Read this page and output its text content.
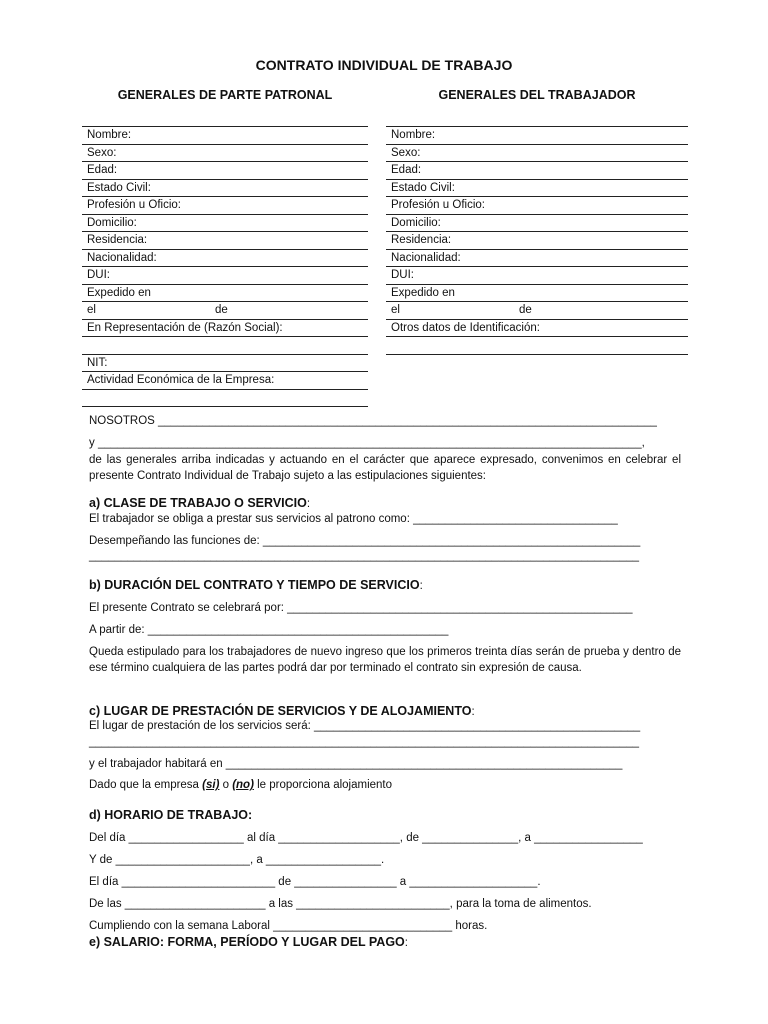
CONTRATO INDIVIDUAL DE TRABAJO
GENERALES DE PARTE PATRONAL
Nombre:
Sexo:
Edad:
Estado Civil:
Profesión u Oficio:
Domicilio:
Residencia:
Nacionalidad:
DUI:
Expedido en
el	de
En Representación de (Razón Social):
NIT:
Actividad Económica de la Empresa:
GENERALES DEL TRABAJADOR
Nombre:
Sexo:
Edad:
Estado Civil:
Profesión u Oficio:
Domicilio:
Residencia:
Nacionalidad:
DUI:
Expedido en
el	de
Otros datos de Identificación:
NOSOTROS ______________________________________________________________________________
y _____________________________________________________________________________________,
de las generales arriba indicadas y actuando en el carácter que aparece expresado, convenimos en celebrar el presente Contrato Individual de Trabajo sujeto a las estipulaciones siguientes:
a) CLASE DE TRABAJO O SERVICIO:
El trabajador se obliga a prestar sus servicios al patrono como: ________________________________
Desempeñando las funciones de: ___________________________________________________________
______________________________________________________________________________________
b) DURACIÓN DEL CONTRATO Y TIEMPO DE SERVICIO:
El presente Contrato se celebrará por: ______________________________________________________
A partir de: _______________________________________________
Queda estipulado para los trabajadores de nuevo ingreso que los primeros treinta días serán de prueba y dentro de ese término cualquiera de las partes podrá dar por terminado el contrato sin expresión de causa.
c) LUGAR DE PRESTACIÓN DE SERVICIOS Y DE ALOJAMIENTO:
El lugar de prestación de los servicios será: ___________________________________________________
______________________________________________________________________________________
y el trabajador habitará en ______________________________________________________________
Dado que la empresa (si) o (no) le proporciona alojamiento
d) HORARIO DE TRABAJO:
Del día __________________ al día ___________________, de _______________, a _________________
Y de _____________________, a __________________.
El día ________________________ de ________________ a ____________________.
De las ______________________ a las ________________________, para la toma de alimentos.
Cumpliendo con la semana Laboral ____________________________ horas.
e) SALARIO: FORMA, PERÍODO Y LUGAR DEL PAGO:
